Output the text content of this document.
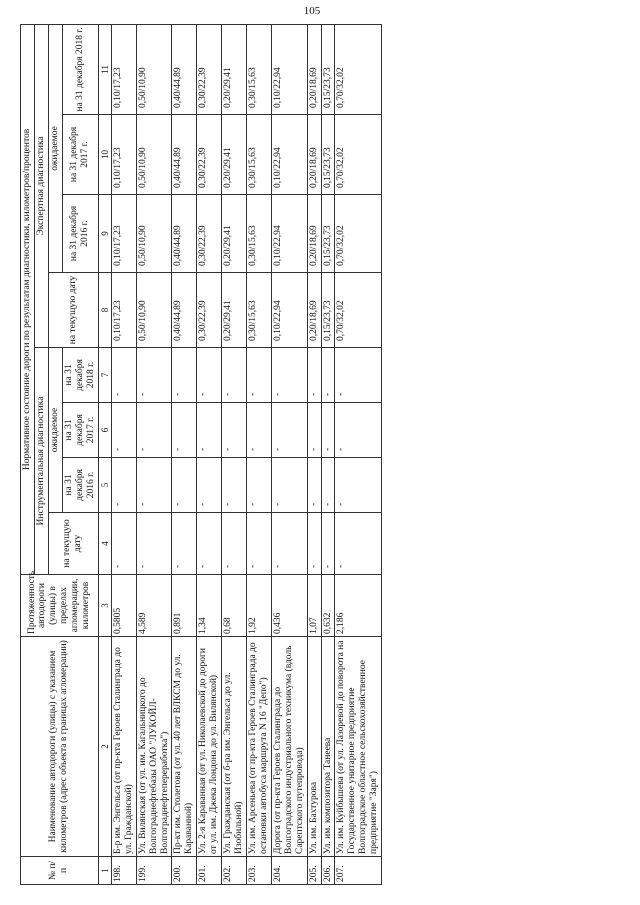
105
№ п/п	Наименование автодороги (улицы) с указанием километров (адрес объекта в границах агломерации)	Протяженность автодороги (улицы) в пределах агломерации, километров	Нормативное состояние дороги по результатам диагностики, километров/процентов							
			Инструментальная диагностика				Экспертная диагностика			
			на текущую дату	ожидаемое			на текущую дату	ожидаемое		
				на 31 декабря 2016 г.	на 31 декабря 2017 г.	на 31 декабря 2018 г.		на 31 декабря 2016 г.	на 31 декабря 2017 г.	на 31 декабря 2018 г.
1	2	3	4	5	6	7	8	9	10	11
198.	Б-р им. Энгельса (от пр-кта Героев Сталинграда до ул. Гражданской)	0,5805	-	-	-	-	0,10/17,23	0,10/17,23	0,10/17,23	0,10/17,23
199.	Ул. Вилянская (от ул. им. Кагальницкого до Волгограднефтебазы ОАО "ЛУКОЙЛ-Волгограднефтепереработка")	4,589	-	-	-	-	0,50/10,90	0,50/10,90	0,50/10,90	0,50/10,90
200.	Пр-кт им. Столетова (от ул. 40 лет ВЛКСМ до ул. Караванной)	0,891	-	-	-	-	0,40/44,89	0,40/44,89	0,40/44,89	0,40/44,89
201.	Ул. 2-я Караванная (от ул. Николаевской до дороги от ул. им. Джека Лондона до ул. Вилянской)	1,34	-	-	-	-	0,30/22,39	0,30/22,39	0,30/22,39	0,30/22,39
202.	Ул. Гражданская (от б-ра им. Энгельса до ул. Изобильной)	0,68	-	-	-	-	0,20/29,41	0,20/29,41	0,20/29,41	0,20/29,41
203.	Ул. им. Арсеньева (от пр-кта Героев Сталинграда до остановки автобуса маршрута N 16 "Депо")	1,92	-	-	-	-	0,30/15,63	0,30/15,63	0,30/15,63	0,30/15,63
204.	Дорога (от пр-кта Героев Сталинграда до Волгоградского индустриального техникума (вдоль Сарептского путепровода)	0,436	-	-	-	-	0,10/22,94	0,10/22,94	0,10/22,94	0,10/22,94
205.	Ул. им. Бахтурова	1,07	-	-	-	-	0,20/18,69	0,20/18,69	0,20/18,69	0,20/18,69
206.	Ул. им. композитора Танеева	0,632	-	-	-	-	0,15/23,73	0,15/23,73	0,15/23,73	0,15/23,73
207.	Ул. им. Куйбышева (от ул. Лазоревой до поворота на Государственное унитарное предприятие Волгоградское областное сельскохозяйственное предприятие "Заря")	2,186	-	-	-	-	0,70/32,02	0,70/32,02	0,70/32,02	0,70/32,02
